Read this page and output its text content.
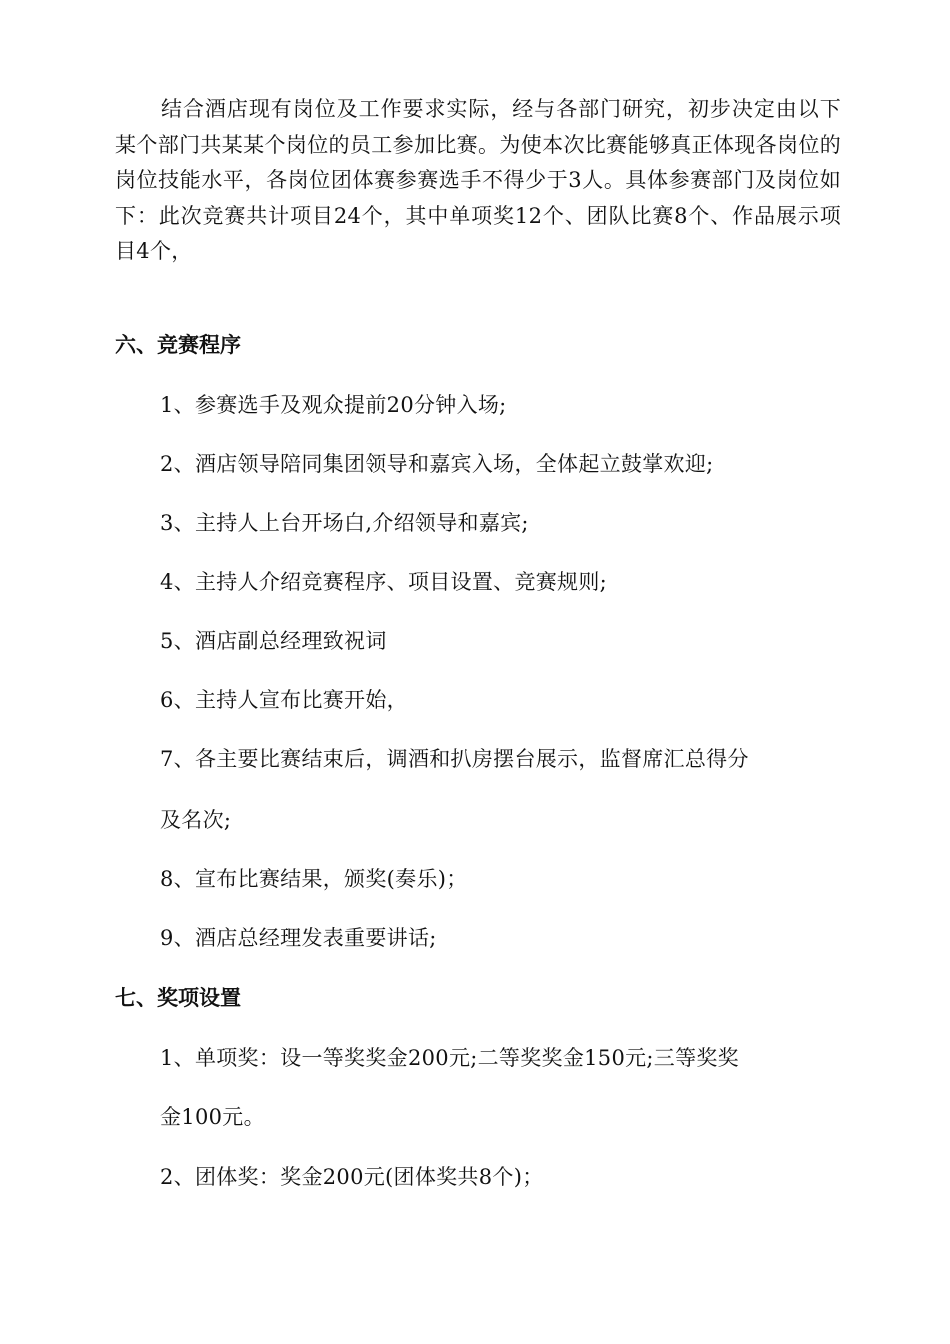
结合酒店现有岗位及工作要求实际，经与各部门研究，初步决定由以下某个部门共某某个岗位的员工参加比赛。为使本次比赛能够真正体现各岗位的岗位技能水平，各岗位团体赛参赛选手不得少于3人。具体参赛部门及岗位如下：此次竞赛共计项目24个，其中单项奖12个、团队比赛8个、作品展示项目4个，

六、竞赛程序

1、参赛选手及观众提前20分钟入场;

2、酒店领导陪同集团领导和嘉宾入场，全体起立鼓掌欢迎;

3、主持人上台开场白,介绍领导和嘉宾;

4、主持人介绍竞赛程序、项目设置、竞赛规则;

5、酒店副总经理致祝词

6、主持人宣布比赛开始，

7、各主要比赛结束后，调酒和扒房摆台展示，监督席汇总得分

及名次;

8、宣布比赛结果，颁奖(奏乐)；

9、酒店总经理发表重要讲话;

七、奖项设置

1、单项奖：设一等奖奖金200元;二等奖奖金150元;三等奖奖

金100元。

2、团体奖：奖金200元(团体奖共8个)；
